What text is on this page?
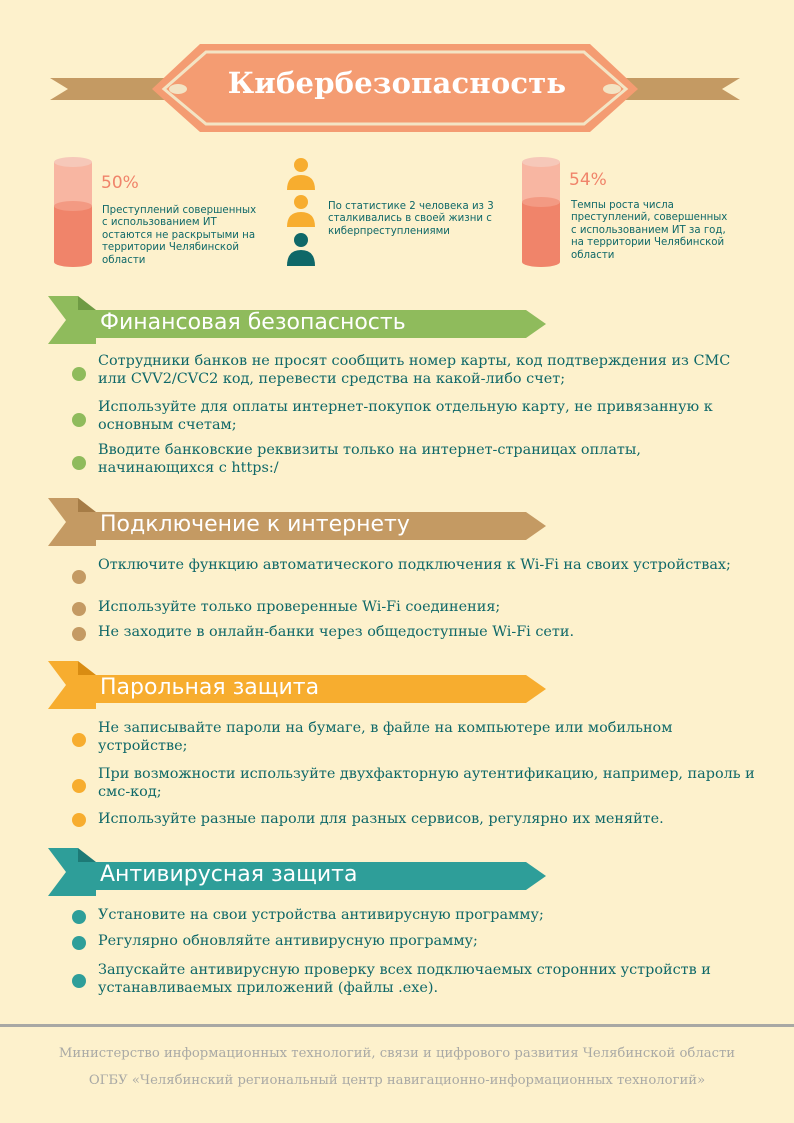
Кибербезопасность
50%
Преступлений совершенных с использованием ИТ остаются не раскрытыми на территории Челябинской области
По статистике 2 человека из 3 сталкивались в своей жизни с киберпреступлениями
54%
Темпы роста числа преступлений, совершенных с использованием ИТ за год, на территории Челябинской области
Финансовая безопасность
Сотрудники банков не просят сообщить номер карты, код подтверждения из СМС или CVV2/CVC2 код, перевести средства на какой-либо счет;
Используйте для оплаты интернет-покупок отдельную карту, не привязанную к основным счетам;
Вводите банковские реквизиты только на интернет-страницах оплаты, начинающихся с https:/
Подключение к интернету
Отключите функцию автоматического подключения к Wi-Fi на своих устройствах;
Используйте только проверенные Wi-Fi соединения;
Не заходите в онлайн-банки через общедоступные Wi-Fi сети.
Парольная защита
Не записывайте пароли на бумаге, в файле на компьютере или мобильном устройстве;
При возможности используйте двухфакторную аутентификацию, например, пароль и смс-код;
Используйте разные пароли для разных сервисов, регулярно их меняйте.
Антивирусная защита
Установите на свои устройства антивирусную программу;
Регулярно обновляйте антивирусную программу;
Запускайте антивирусную проверку всех подключаемых сторонних устройств и устанавливаемых приложений (файлы .exe).
Министерство информационных технологий, связи и цифрового развития Челябинской области
ОГБУ «Челябинский региональный центр навигационно-информационных технологий»
